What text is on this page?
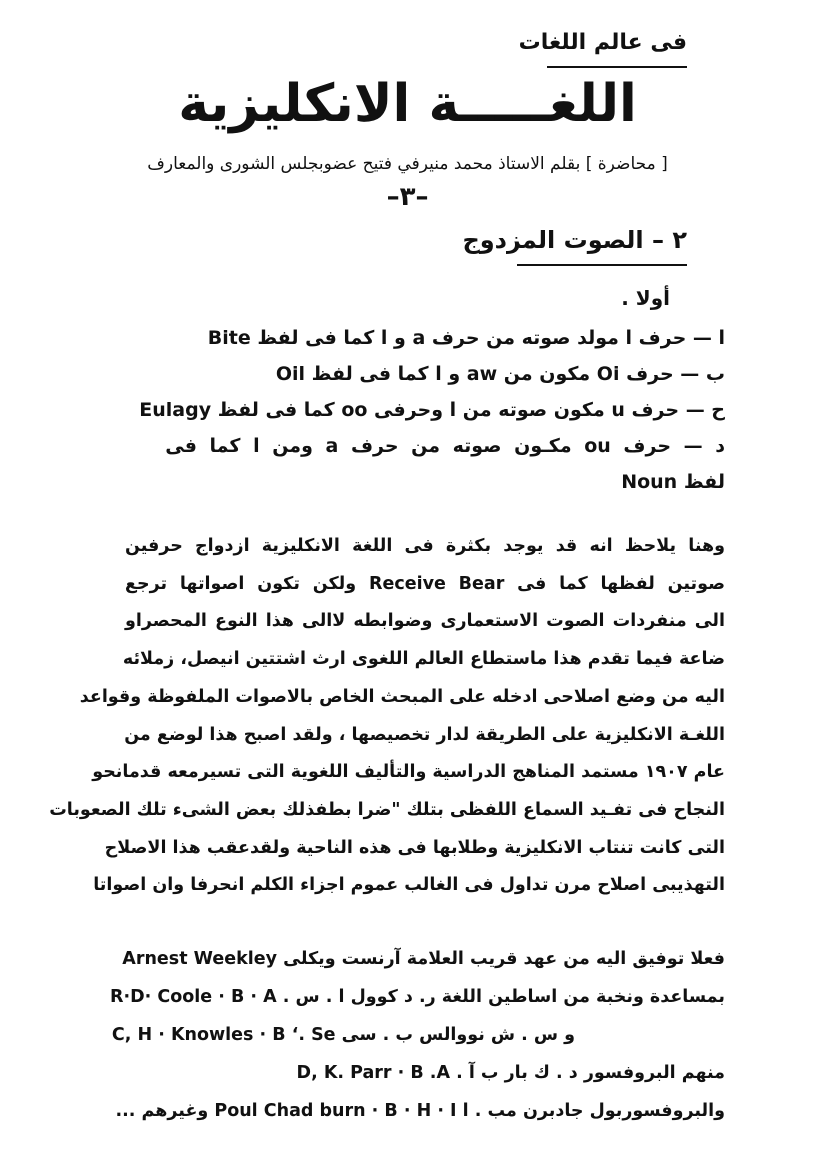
فى عالم اللغات
اللغـــــة الانكليزية
[ محاضرة ] بقلم الاستاذ محمد منيرفي فتيح عضوبجلس الشورى والمعارف
–٣–
٢ – الصوت المزدوج
أولا .
ا — حرف ا مولد صوته من حرف a و ا كما فى لفظ Bite
ب — حرف Oi مكون من aw و ا كما فى لفظ Oil
ح — حرف u مكون صوته من ا وحرفى oo كما فى لفظ Eulagy
د — حرف ou مكـون صوته من حرف a ومن ا كما فى
لفظ Noun
وهنا يلاحظ انه قد يوجد بكثرة فى اللغة الانكليزية ازدواج حرفين
صوتين لفظها كما فى Receive Bear ولكن تكون اصواتها ترجع
الى منفردات الصوت الاستعمارى وضوابطه لاالى هذا النوع المحصراو
ضاعة فيما تقدم هذا ماستطاع العالم اللغوى ارث اشتتين انيصل، زملائه
اليه من وضع اصلاحى ادخله على المبحث الخاص بالاصوات الملفوظة وقواعد
اللغـة الانكليزية على الطريقة لدار تخصيصها ، ولقد اصبح هذا لوضع من
عام ١٩٠٧ مستمد المناهج الدراسية والتأليف اللغوية التى تسيرمعه قدمانحو
النجاح فى تفـيد السماع اللفظى بتلك "ضرا بطفذلك بعض الشىء تلك الصعوبات
التى كانت تنتاب الانكليزية وطلابها فى هذه الناحية ولقدعقب هذا الاصلاح
التهذيبى اصلاح مرن تداول فى الغالب عموم اجزاء الكلم انحرفا وان اصواتا
فعلا توفيق اليه من عهد قريب العلامة آرنست ويكلى Arnest Weekley
بمساعدة ونخبة من اساطين اللغة ر. د كوول ا . س . R·D· Coole · B · A
و س . ش نووالس ب . سى C, H · Knowles · B ʻ. Se
منهم البروفسور د . ك بار ب آ . D, K. Parr · B .A
والبروفسوربول جادبرن مب . ا Poul Chad burn · B · H · I وغيرهم ...
